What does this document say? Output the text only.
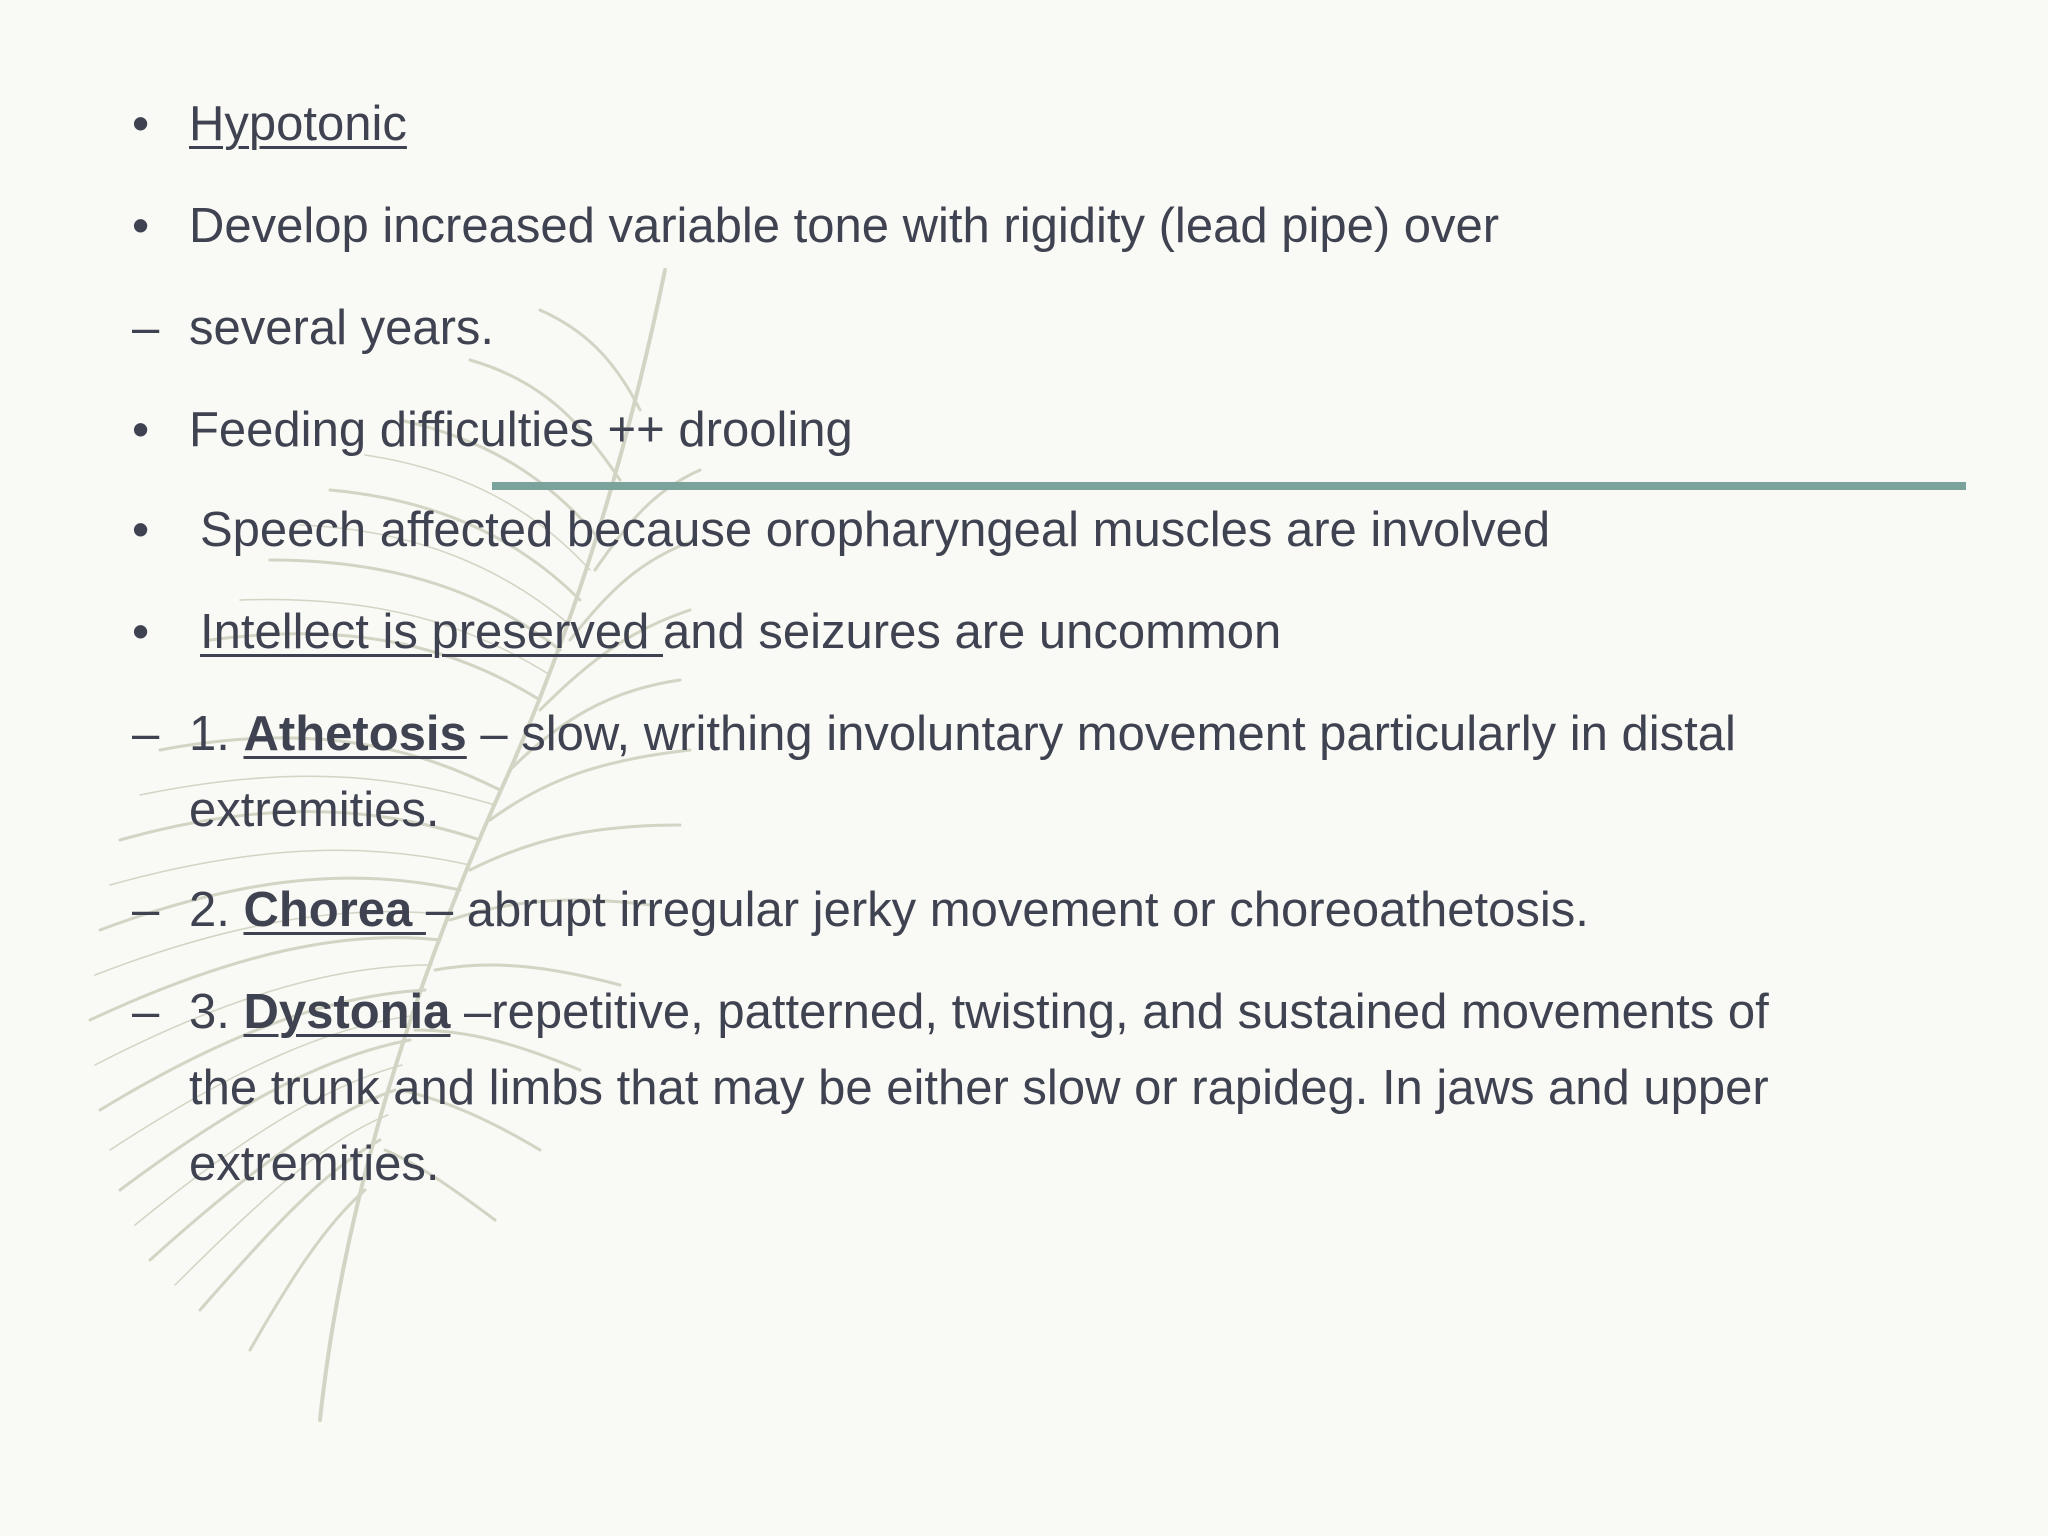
• Hypotonic
• Develop increased variable tone with rigidity (lead pipe) over
– several years.
• Feeding difficulties ++ drooling
•	Speech affected because oropharyngeal muscles are involved
•	Intellect is preserved and seizures are uncommon
– 1. Athetosis – slow, writhing involuntary movement particularly in distal
extremities.
– 2. Chorea – abrupt irregular jerky movement or choreoathetosis.
– 3. Dystonia –repetitive, patterned, twisting, and sustained movements of
the trunk and limbs that may be either slow or rapideg. In jaws and upper
extremities.
